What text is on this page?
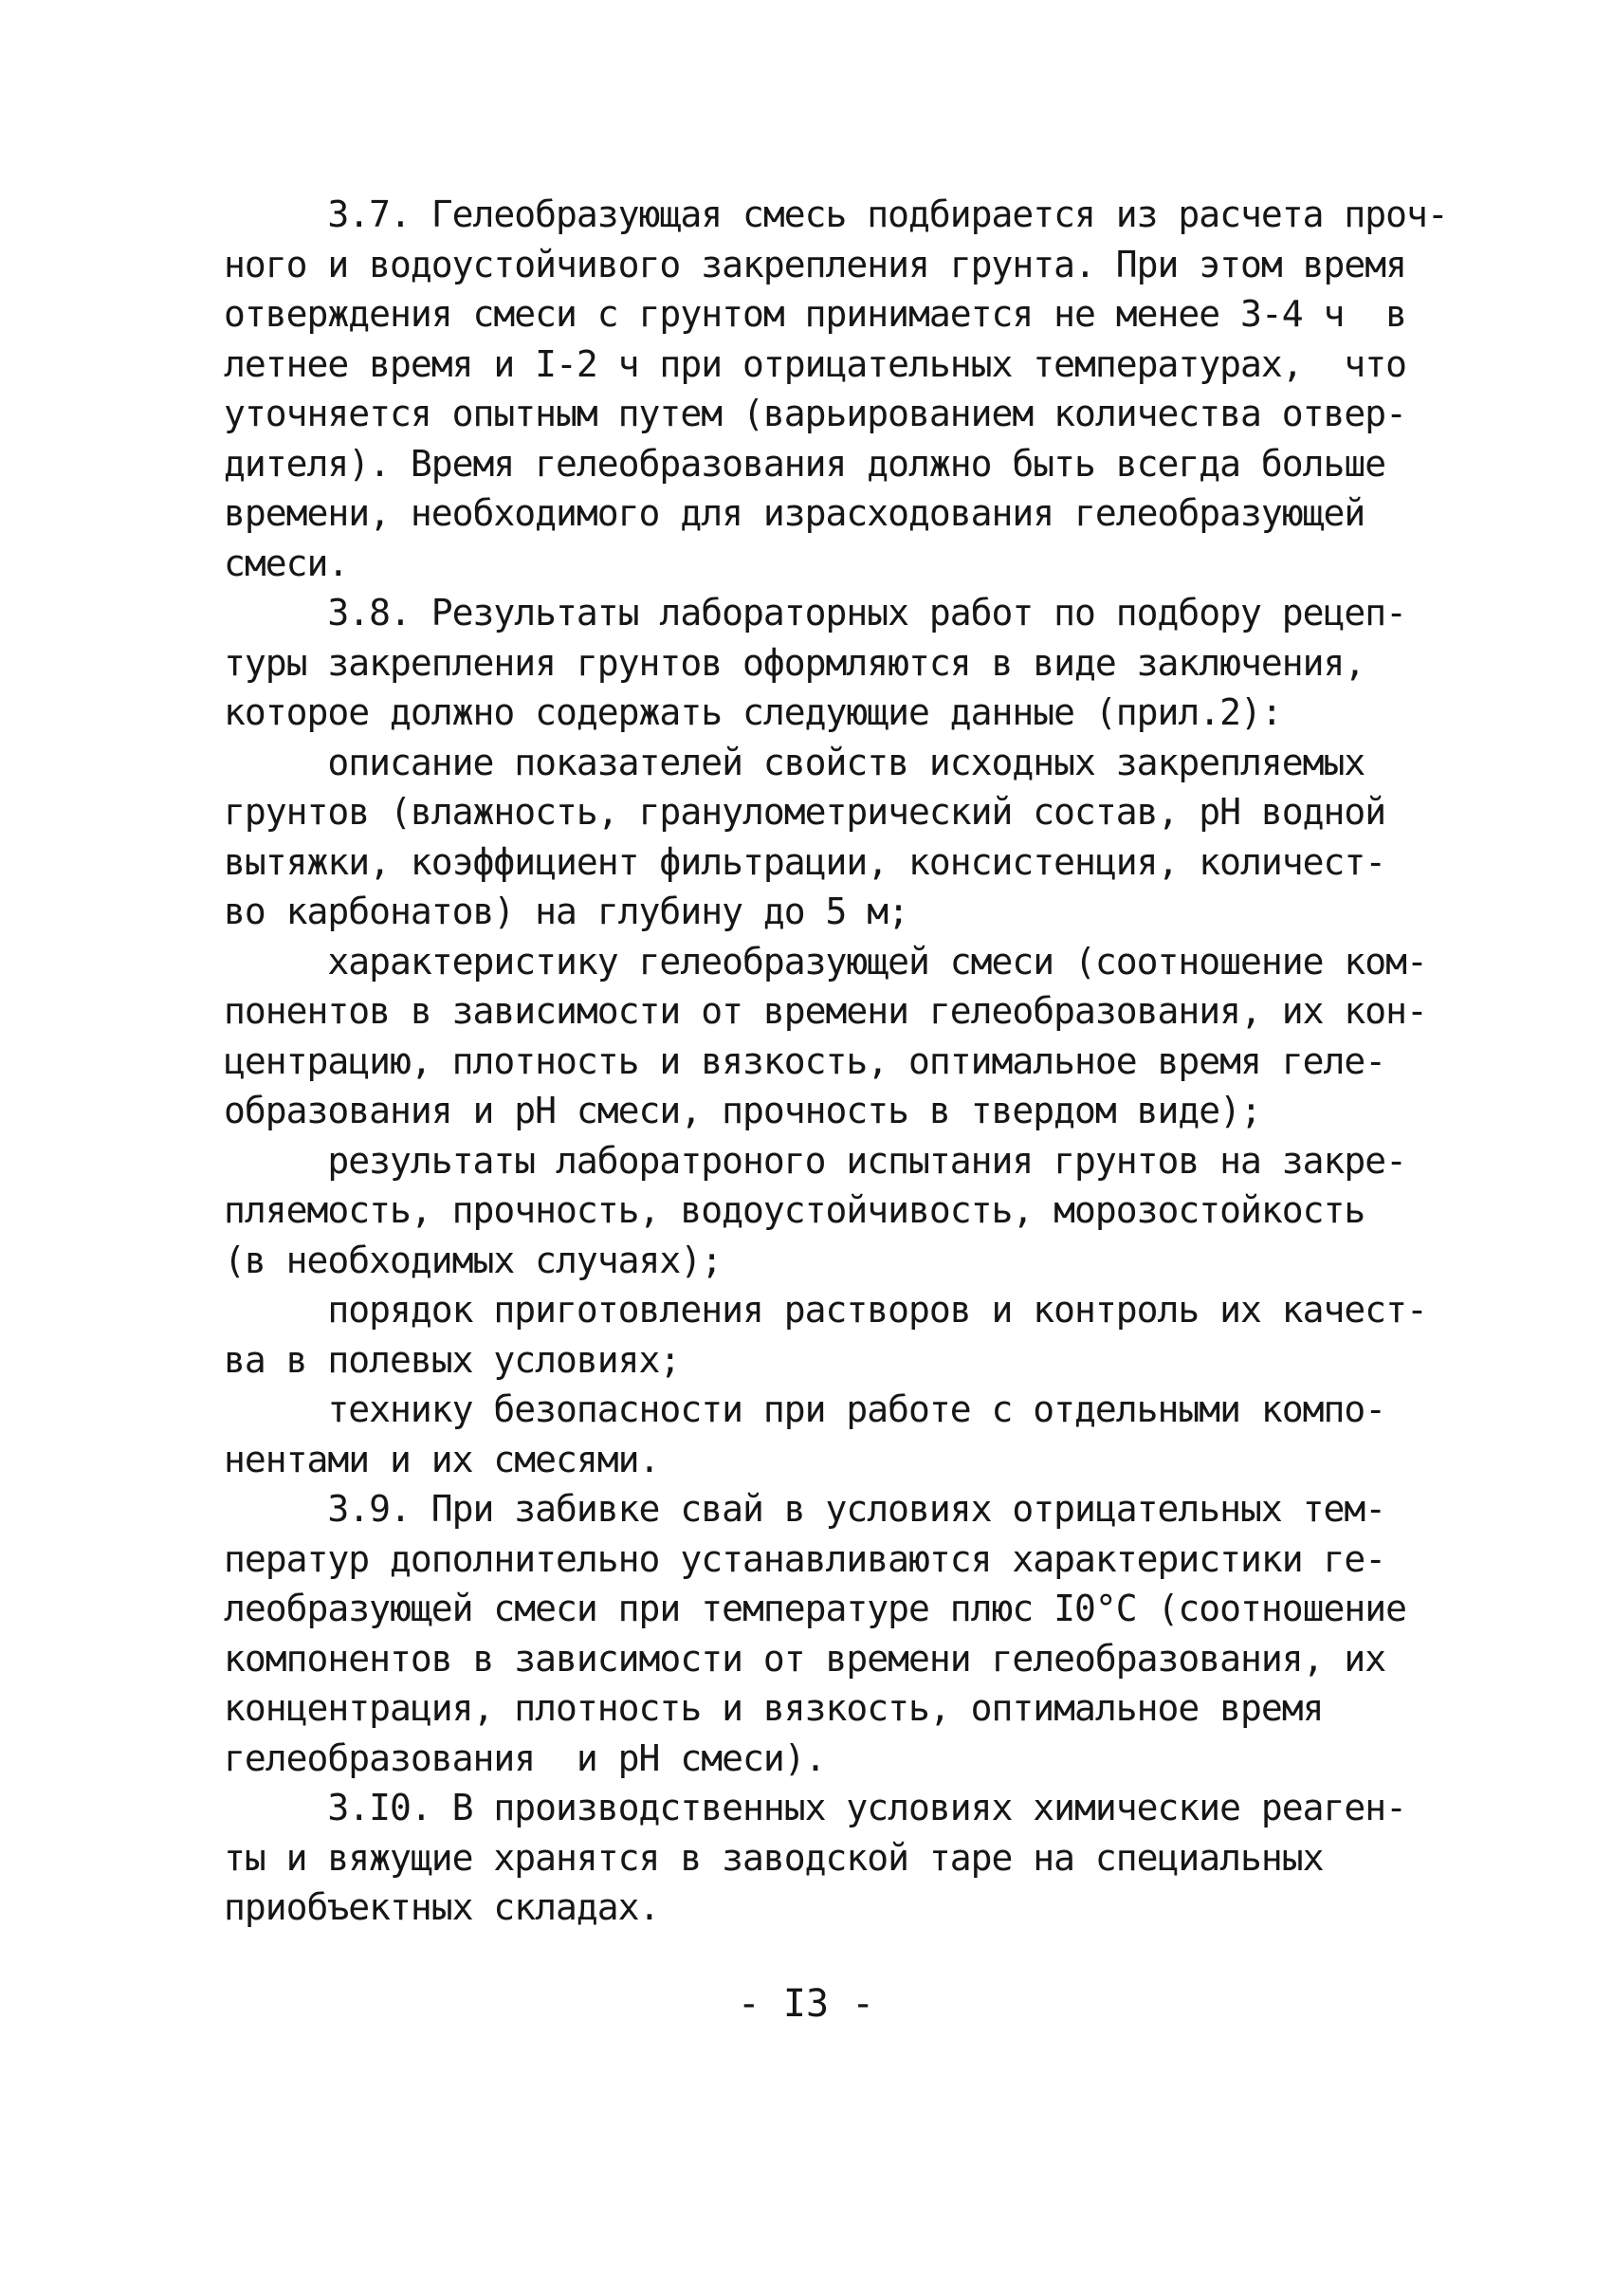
3.7. Гелеобразующая смесь подбирается из расчета проч-
ного и водоустойчивого закрепления грунта. При этом время
отверждения смеси с грунтом принимается не менее 3-4 ч  в
летнее время и I-2 ч при отрицательных температурах,  что
уточняется опытным путем (варьированием количества отвер-
дителя). Время гелеобразования должно быть всегда больше
времени, необходимого для израсходования гелеобразующей
смеси.
3.8. Результаты лабораторных работ по подбору рецеп-
туры закрепления грунтов оформляются в виде заключения,
которое должно содержать следующие данные (прил.2):
описание показателей свойств исходных закрепляемых
грунтов (влажность, гранулометрический состав, рН водной
вытяжки, коэффициент фильтрации, консистенция, количест-
во карбонатов) на глубину до 5 м;
характеристику гелеобразующей смеси (соотношение ком-
понентов в зависимости от времени гелеобразования, их кон-
центрацию, плотность и вязкость, оптимальное время геле-
образования и рН смеси, прочность в твердом виде);
результаты лабоpатроного испытания грунтов на закре-
пляемость, прочность, водоустойчивость, морозостойкость
(в необходимых случаях);
порядок приготовления растворов и контроль их качест-
ва в полевых условиях;
технику безопасности при работе с отдельными компо-
нентами и их смесями.
3.9. При забивке свай в условиях отрицательных тем-
ператур дополнительно устанавливаются характеристики ге-
леобразующей смеси при температуре плюс I0°С (соотношение
компонентов в зависимости от времени гелеобразования, их
концентрация, плотность и вязкость, оптимальное время
гелеобразования  и рН смеси).
3.I0. В производственных условиях химические реаген-
ты и вяжущие хранятся в заводской таре на специальных
приобъектных складах.
- I3 -
